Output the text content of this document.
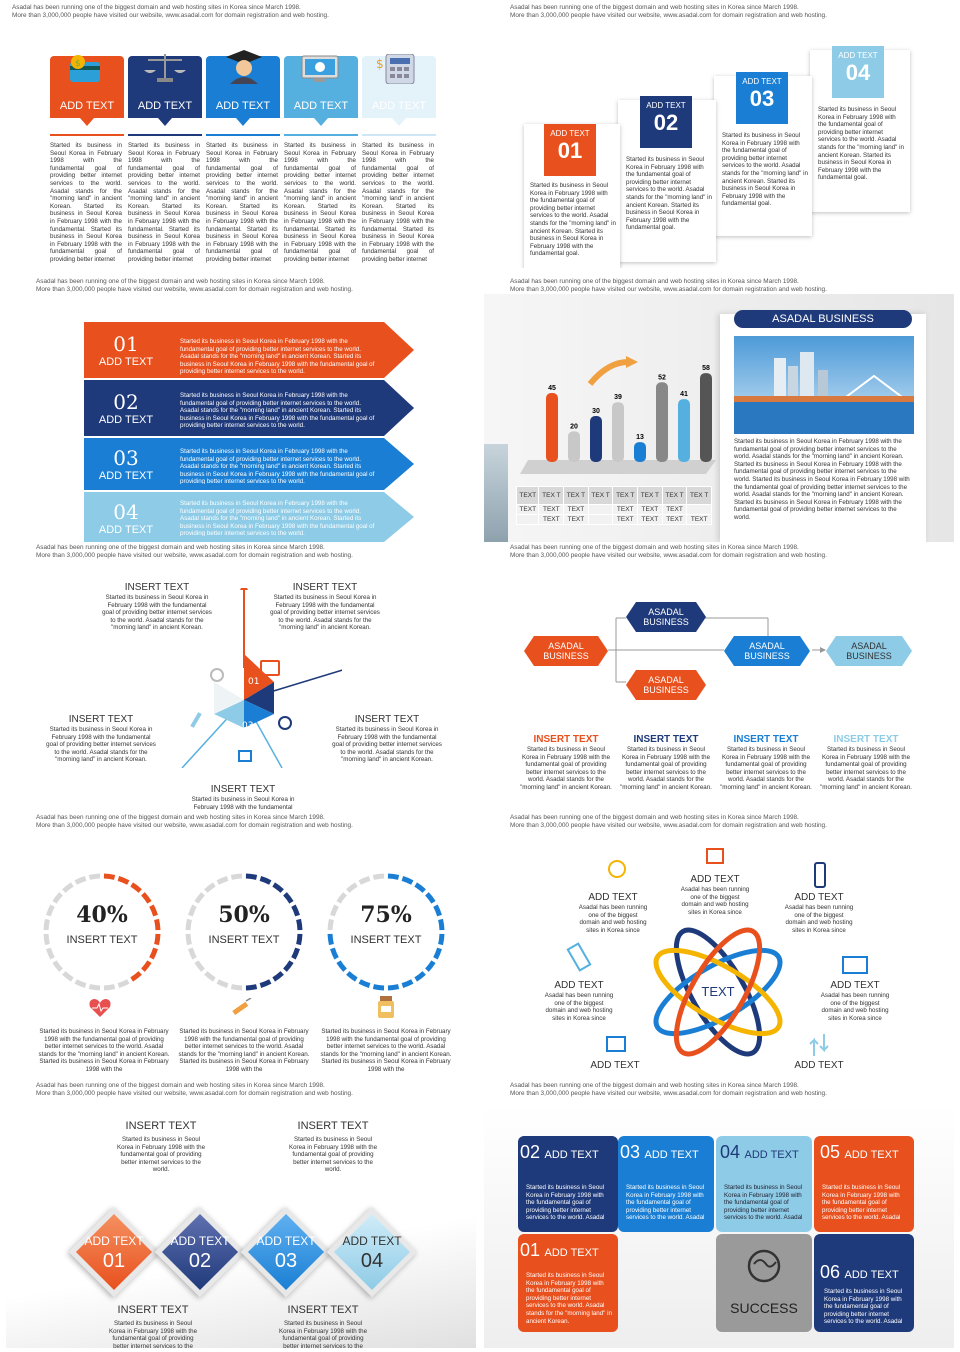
Asadal has been running one of the biggest domain and web hosting sites in Korea since March 1998.
More than 3,000,000 people have visited our website, www.asadal.com for domain registration and web hosting.
$
ADD TEXT	ADD TEXT	ADD TEXT	ADD TEXT
$
ADD TEXT
Started its business in Seoul Korea in February 1998 with the fundamental goal of providing better internet services to the world. Asadal stands for the "morning land" in ancient Korean. Started its business in Seoul Korea in February 1998 with the fundamental. Started its business in Seoul Korea in February 1998 with the fundamental goal of providing better internet
Started its business in Seoul Korea in February 1998 with the fundamental goal of providing better internet services to the world. Asadal stands for the "morning land" in ancient Korean. Started its business in Seoul Korea in February 1998 with the fundamental. Started its business in Seoul Korea in February 1998 with the fundamental goal of providing better internet
Started its business in Seoul Korea in February 1998 with the fundamental goal of providing better internet services to the world. Asadal stands for the "morning land" in ancient Korean. Started its business in Seoul Korea in February 1998 with the fundamental. Started its business in Seoul Korea in February 1998 with the fundamental goal of providing better internet
Started its business in Seoul Korea in February 1998 with the fundamental goal of providing better internet services to the world. Asadal stands for the "morning land" in ancient Korean. Started its business in Seoul Korea in February 1998 with the fundamental. Started its business in Seoul Korea in February 1998 with the fundamental goal of providing better internet
Started its business in Seoul Korea in February 1998 with the fundamental goal of providing better internet services to the world. Asadal stands for the "morning land" in ancient Korean. Started its business in Seoul Korea in February 1998 with the fundamental. Started its business in Seoul Korea in February 1998 with the fundamental goal of providing better internet
Asadal has been running one of the biggest domain and web hosting sites in Korea since March 1998.
More than 3,000,000 people have visited our website, www.asadal.com for domain registration and web hosting.
ADD TEXT
04
Started its business in Seoul Korea in February 1998 with the fundamental goal of providing better internet services to the world. Asadal stands for the "morning land" in ancient Korean. Started its business in Seoul Korea in February 1998 with the fundamental goal.
ADD TEXT
03
Started its business in Seoul Korea in February 1998 with the fundamental goal of providing better internet services to the world. Asadal stands for the "morning land" in ancient Korean. Started its business in Seoul Korea in February 1998 with the fundamental goal.
ADD TEXT
02
Started its business in Seoul Korea in February 1998 with the fundamental goal of providing better internet services to the world. Asadal stands for the "morning land" in ancient Korean. Started its business in Seoul Korea in February 1998 with the fundamental goal.
ADD TEXT
01
Started its business in Seoul Korea in February 1998 with the fundamental goal of providing better internet services to the world. Asadal stands for the "morning land" in ancient Korean. Started its business in Seoul Korea in February 1998 with the fundamental goal.
Asadal has been running one of the biggest domain and web hosting sites in Korea since March 1998.
More than 3,000,000 people have visited our website, www.asadal.com for domain registration and web hosting.
01
ADD TEXT
Started its business in Seoul Korea in February 1998 with the fundamental goal of providing better internet services to the world. Asadal stands for the "morning land" in ancient Korean. Started its business in Seoul Korea in February 1998 with the fundamental goal of providing better internet services to the world.
02
ADD TEXT
Started its business in Seoul Korea in February 1998 with the fundamental goal of providing better internet services to the world. Asadal stands for the "morning land" in ancient Korean. Started its business in Seoul Korea in February 1998 with the fundamental goal of providing better internet services to the world.
03
ADD TEXT
Started its business in Seoul Korea in February 1998 with the fundamental goal of providing better internet services to the world. Asadal stands for the "morning land" in ancient Korean. Started its business in Seoul Korea in February 1998 with the fundamental goal of providing better internet services to the world.
04
ADD TEXT
Started its business in Seoul Korea in February 1998 with the fundamental goal of providing better internet services to the world. Asadal stands for the "morning land" in ancient Korean. Started its business in Seoul Korea in February 1998 with the fundamental goal of providing better internet services to the world.
Asadal has been running one of the biggest domain and web hosting sites in Korea since March 1998.
More than 3,000,000 people have visited our website, www.asadal.com for domain registration and web hosting.
45
20
30
39
13
52
41
58
TEXT	TEX T	TEX T	TEX T	TEX T	TEX T	TEX T	TEX T
TEXT	TEXT	TEXT		TEXT	TEXT	TEXT	
	TEXT	TEXT		TEXT	TEXT	TEXT	TEXT
ASADAL BUSINESS
Started its business in Seoul Korea in February 1998 with the fundamental goal of providing better internet services to the world. Asadal stands for the "morning land" in ancient Korean. Started its business in Seoul Korea in February 1998 with the fundamental goal of providing better internet services to the world. Started its business in Seoul Korea in February 1998 with the fundamental goal of providing better internet services to the world. Asadal stands for the "morning land" in ancient Korean. Started its business in Seoul Korea in February 1998 with the fundamental goal of providing better internet services to the world.
Asadal has been running one of the biggest domain and web hosting sites in Korea since March 1998.
More than 3,000,000 people have visited our website, www.asadal.com for domain registration and web hosting.
INSERT TEXT
Started its business in Seoul Korea in February 1998 with the fundamental goal of providing better internet services to the world. Asadal stands for the "morning land" in ancient Korean.
INSERT TEXT
Started its business in Seoul Korea in February 1998 with the fundamental goal of providing better internet services to the world. Asadal stands for the "morning land" in ancient Korean.
INSERT TEXT
Started its business in Seoul Korea in February 1998 with the fundamental goal of providing better internet services to the world. Asadal stands for the "morning land" in ancient Korean.
INSERT TEXT
Started its business in Seoul Korea in February 1998 with the fundamental goal of providing better internet services to the world. Asadal stands for the "morning land" in ancient Korean.
INSERT TEXT
Started its business in Seoul Korea in February 1998 with the fundamental
01
03
Asadal has been running one of the biggest domain and web hosting sites in Korea since March 1998.
More than 3,000,000 people have visited our website, www.asadal.com for domain registration and web hosting.
ASADAL BUSINESS
ASADAL BUSINESS
ASADAL BUSINESS
ASADAL BUSINESS
ASADAL BUSINESS
INSERT TEXT
Started its business in Seoul Korea in February 1998 with the fundamental goal of providing better internet services to the world. Asadal stands for the "morning land" in ancient Korean.
INSERT TEXT
Started its business in Seoul Korea in February 1998 with the fundamental goal of providing better internet services to the world. Asadal stands for the "morning land" in ancient Korean.
INSERT TEXT
Started its business in Seoul Korea in February 1998 with the fundamental goal of providing better internet services to the world. Asadal stands for the "morning land" in ancient Korean.
INSERT TEXT
Started its business in Seoul Korea in February 1998 with the fundamental goal of providing better internet services to the world. Asadal stands for the "morning land" in ancient Korean.
Asadal has been running one of the biggest domain and web hosting sites in Korea since March 1998.
More than 3,000,000 people have visited our website, www.asadal.com for domain registration and web hosting.
40%
INSERT TEXT
50%
INSERT TEXT
75%
INSERT TEXT
Started its business in Seoul Korea in February 1998 with the fundamental goal of providing better internet services to the world. Asadal stands for the "morning land" in ancient Korean. Started its business in Seoul Korea in February 1998 with the
Started its business in Seoul Korea in February 1998 with the fundamental goal of providing better internet services to the world. Asadal stands for the "morning land" in ancient Korean. Started its business in Seoul Korea in February 1998 with the
Started its business in Seoul Korea in February 1998 with the fundamental goal of providing better internet services to the world. Asadal stands for the "morning land" in ancient Korean. Started its business in Seoul Korea in February 1998 with the
Asadal has been running one of the biggest domain and web hosting sites in Korea since March 1998.
More than 3,000,000 people have visited our website, www.asadal.com for domain registration and web hosting.
TEXT
ADD TEXT
Asadal has been running one of the biggest domain and web hosting sites in Korea since
ADD TEXT
Asadal has been running one of the biggest domain and web hosting sites in Korea since
ADD TEXT
Asadal has been running one of the biggest domain and web hosting sites in Korea since
ADD TEXT
Asadal has been running one of the biggest domain and web hosting sites in Korea since
ADD TEXT
Asadal has been running one of the biggest domain and web hosting sites in Korea since
ADD TEXT	ADD TEXT
Asadal has been running one of the biggest domain and web hosting sites in Korea since March 1998.
More than 3,000,000 people have visited our website, www.asadal.com for domain registration and web hosting.
INSERT TEXT
Started its business in Seoul Korea in February 1998 with the fundamental goal of providing better internet services to the world.
INSERT TEXT
Started its business in Seoul Korea in February 1998 with the fundamental goal of providing better internet services to the world.
INSERT TEXT
Started its business in Seoul Korea in February 1998 with the fundamental goal of providing better internet services to the
INSERT TEXT
Started its business in Seoul Korea in February 1998 with the fundamental goal of providing better internet services to the
ADD TEXT
01
ADD TEXT
02
ADD TEXT
03
ADD TEXT
04
Asadal has been running one of the biggest domain and web hosting sites in Korea since March 1998.
More than 3,000,000 people have visited our website, www.asadal.com for domain registration and web hosting.
02 ADD TEXT
Started its business in Seoul Korea in February 1998 with the fundamental goal of providing better internet services to the world. Asadal
03 ADD TEXT
Started its business in Seoul Korea in February 1998 with the fundamental goal of providing better internet services to the world. Asadal
04 ADD TEXT
Started its business in Seoul Korea in February 1998 with the fundamental goal of providing better internet services to the world. Asadal
05 ADD TEXT
Started its business in Seoul Korea in February 1998 with the fundamental goal of providing better internet services to the world. Asadal
01 ADD TEXT
Started its business in Seoul Korea in February 1998 with the fundamental goal of providing better internet services to the world. Asadal stands for the "morning land" in ancient Korean.
SUCCESS
06 ADD TEXT
Started its business in Seoul Korea in February 1998 with the fundamental goal of providing better internet services to the world. Asadal
